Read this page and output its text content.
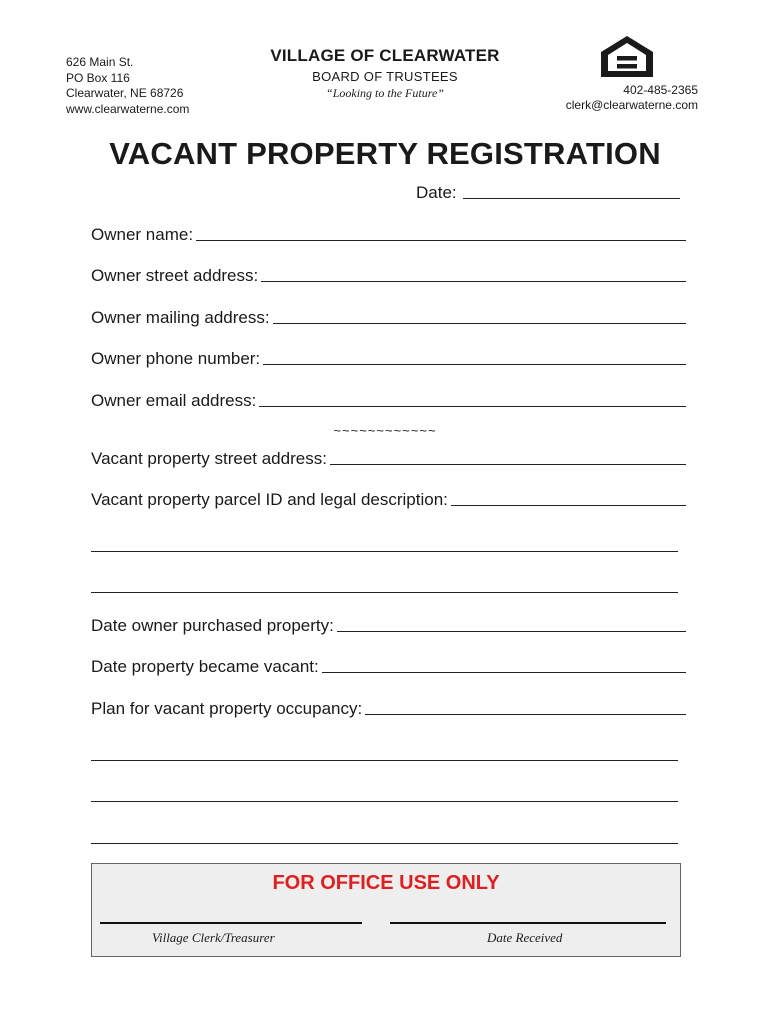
626 Main St.
PO Box 116
Clearwater, NE 68726
www.clearwaterne.com
VILLAGE OF CLEARWATER
BOARD OF TRUSTEES
“Looking to the Future”	402-485-2365
clerk@clearwaterne.com
VACANT PROPERTY REGISTRATION
Date:
Owner name:
Owner street address:
Owner mailing address:
Owner phone number:
Owner email address:
~~~~~~~~~~~~
Vacant property street address:
Vacant property parcel ID and legal description:
Date owner purchased property:
Date property became vacant:
Plan for vacant property occupancy:
FOR OFFICE USE ONLY
Village Clerk/Treasurer	Date Received
